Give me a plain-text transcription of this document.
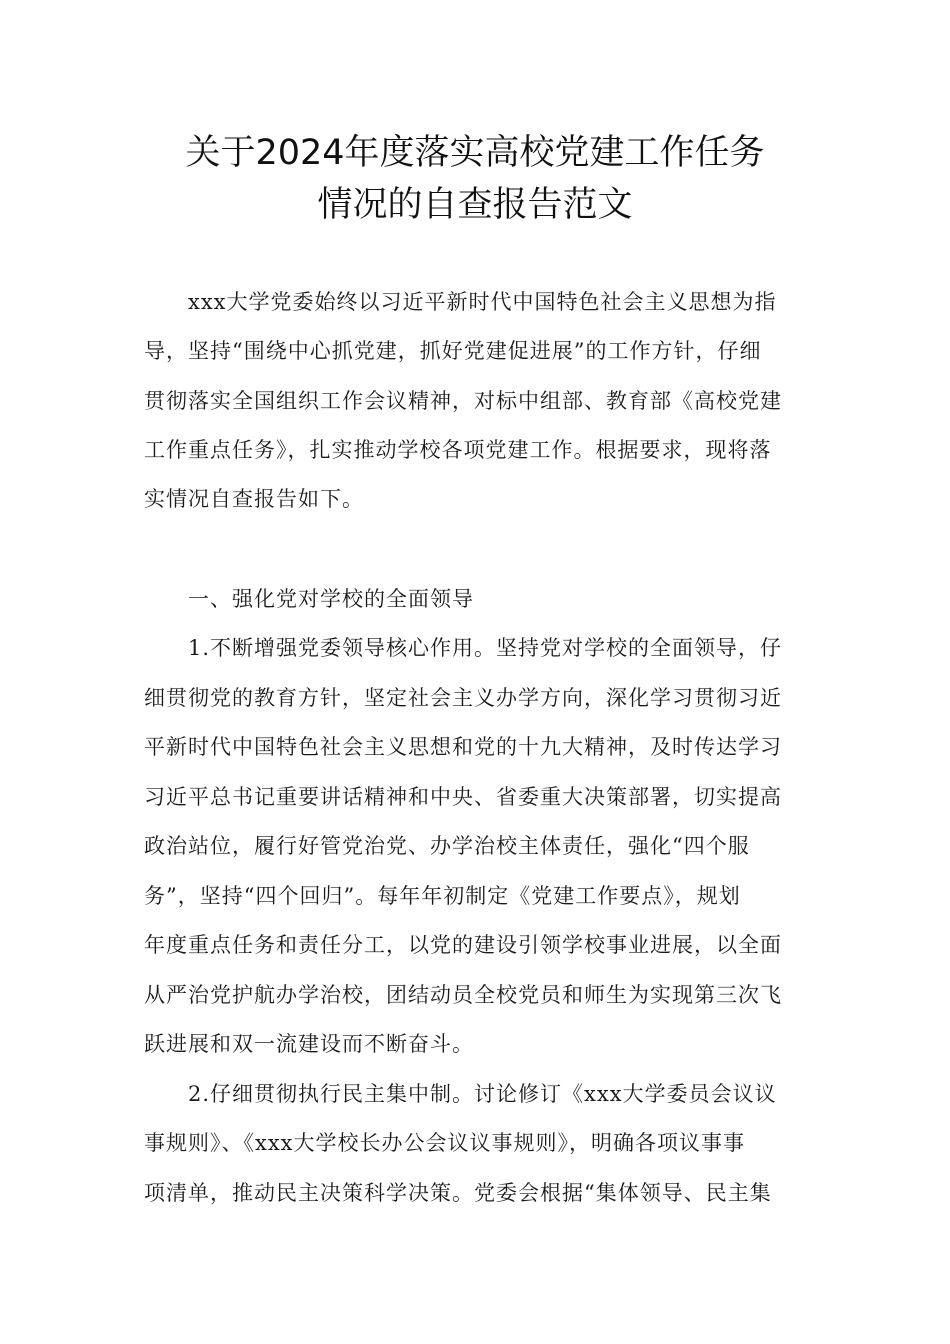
关于2024年度落实高校党建工作任务
情况的自查报告范文
xxx大学党委始终以习近平新时代中国特色社会主义思想为指
导，坚持“围绕中心抓党建，抓好党建促进展”的工作方针，仔细
贯彻落实全国组织工作会议精神，对标中组部、教育部《高校党建
工作重点任务》，扎实推动学校各项党建工作。根据要求，现将落
实情况自查报告如下。
一、强化党对学校的全面领导
1.不断增强党委领导核心作用。坚持党对学校的全面领导，仔
细贯彻党的教育方针，坚定社会主义办学方向，深化学习贯彻习近
平新时代中国特色社会主义思想和党的十九大精神，及时传达学习
习近平总书记重要讲话精神和中央、省委重大决策部署，切实提高
政治站位，履行好管党治党、办学治校主体责任，强化“四个服
务”，坚持“四个回归”。每年年初制定《党建工作要点》，规划
年度重点任务和责任分工，以党的建设引领学校事业进展，以全面
从严治党护航办学治校，团结动员全校党员和师生为实现第三次飞
跃进展和双一流建设而不断奋斗。
2.仔细贯彻执行民主集中制。讨论修订《xxx大学委员会议议
事规则》、《xxx大学校长办公会议议事规则》，明确各项议事事
项清单，推动民主决策科学决策。党委会根据“集体领导、民主集
